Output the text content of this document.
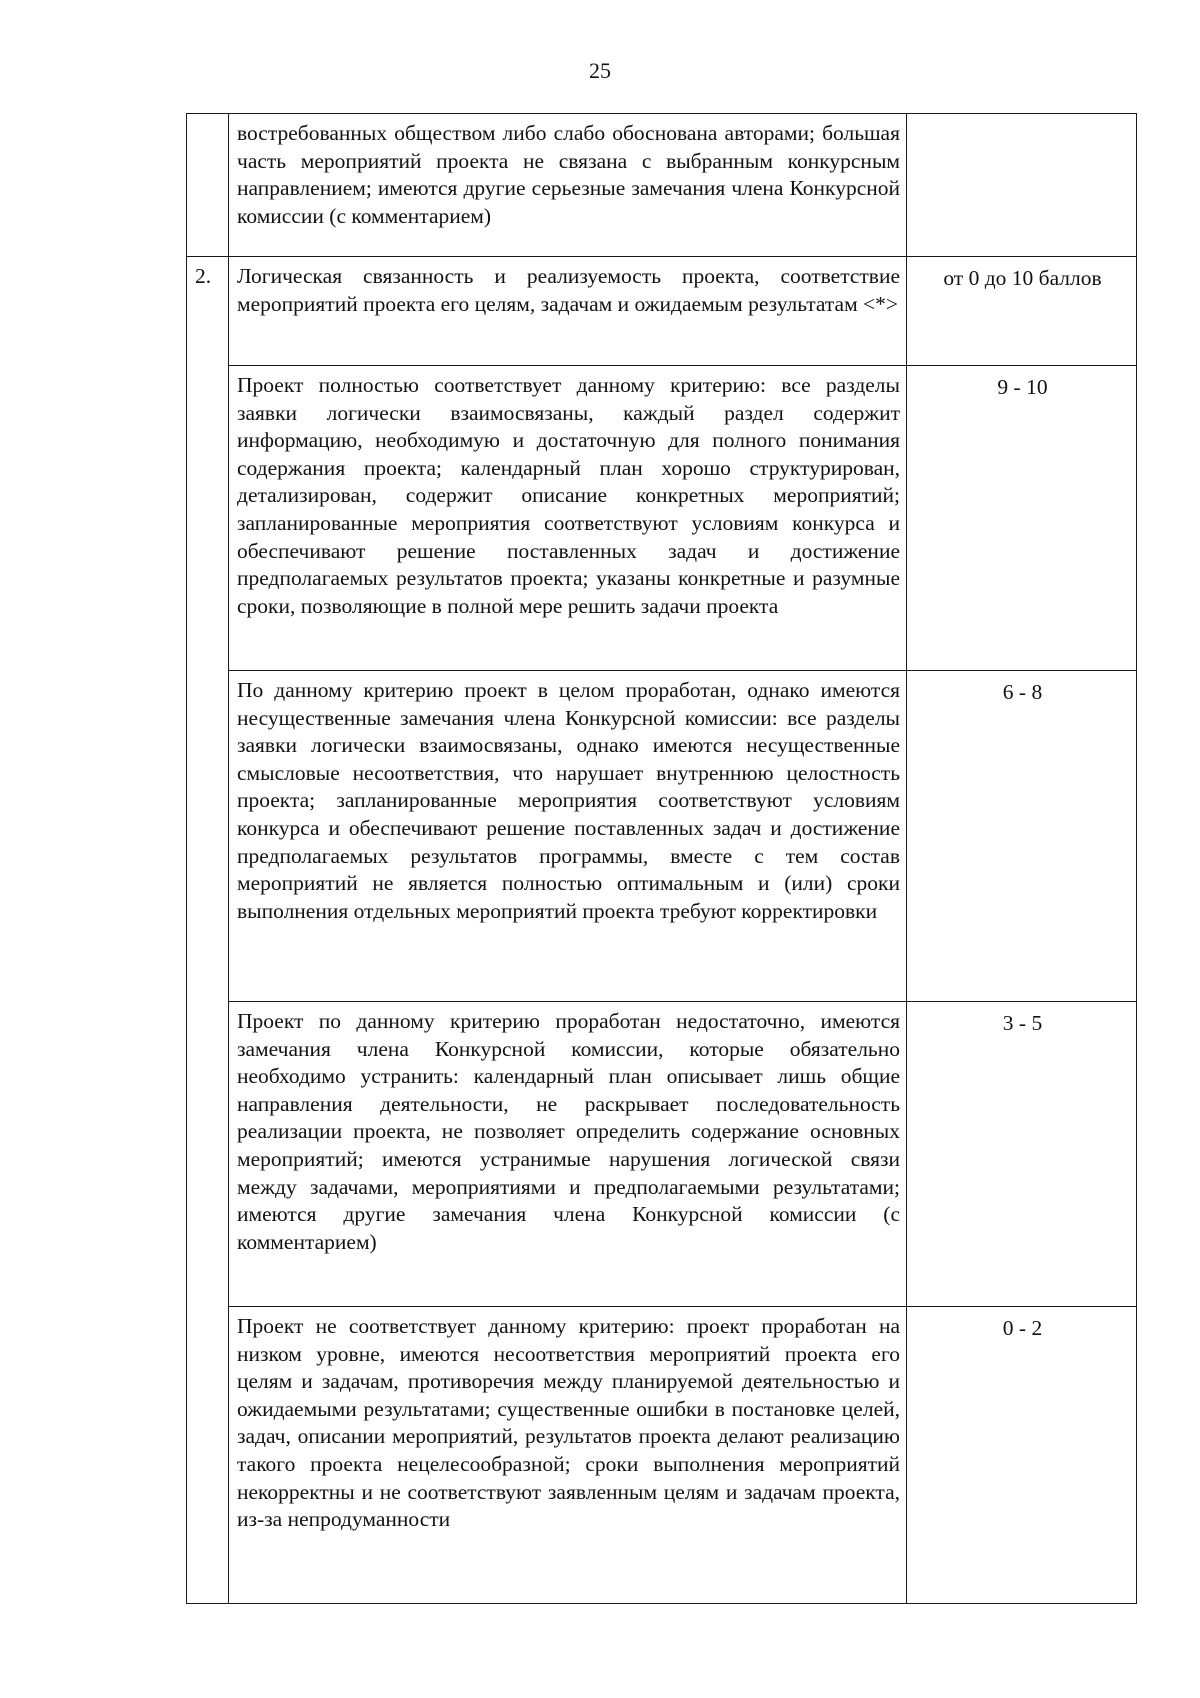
25
	востребованных обществом либо слабо обоснована авторами; большая часть мероприятий проекта не связана с выбранным конкурсным направлением; имеются другие серьезные замечания члена Конкурсной комиссии (с комментарием)	
2.	Логическая связанность и реализуемость проекта, соответствие мероприятий проекта его целям, задачам и ожидаемым результатам <*>	от 0 до 10 баллов
	Проект полностью соответствует данному критерию: все разделы заявки логически взаимосвязаны, каждый раздел содержит информацию, необходимую и достаточную для полного понимания содержания проекта; календарный план хорошо структурирован, детализирован, содержит описание конкретных мероприятий; запланированные мероприятия соответствуют условиям конкурса и обеспечивают решение поставленных задач и достижение предполагаемых результатов проекта; указаны конкретные и разумные сроки, позволяющие в полной мере решить задачи проекта	9 - 10
	По данному критерию проект в целом проработан, однако имеются несущественные замечания члена Конкурсной комиссии: все разделы заявки логически взаимосвязаны, однако имеются несущественные смысловые несоответствия, что нарушает внутреннюю целостность проекта; запланированные мероприятия соответствуют условиям конкурса и обеспечивают решение поставленных задач и достижение предполагаемых результатов программы, вместе с тем состав мероприятий не является полностью оптимальным и (или) сроки выполнения отдельных мероприятий проекта требуют корректировки	6 - 8
	Проект по данному критерию проработан недостаточно, имеются замечания члена Конкурсной комиссии, которые обязательно необходимо устранить: календарный план описывает лишь общие направления деятельности, не раскрывает последовательность реализации проекта, не позволяет определить содержание основных мероприятий; имеются устранимые нарушения логической связи между задачами, мероприятиями и предполагаемыми результатами; имеются другие замечания члена Конкурсной комиссии (с комментарием)	3 - 5
	Проект не соответствует данному критерию: проект проработан на низком уровне, имеются несоответствия мероприятий проекта его целям и задачам, противоречия между планируемой деятельностью и ожидаемыми результатами; существенные ошибки в постановке целей, задач, описании мероприятий, результатов проекта делают реализацию такого проекта нецелесообразной; сроки выполнения мероприятий некорректны и не соответствуют заявленным целям и задачам проекта, из-за непродуманности	0 - 2
